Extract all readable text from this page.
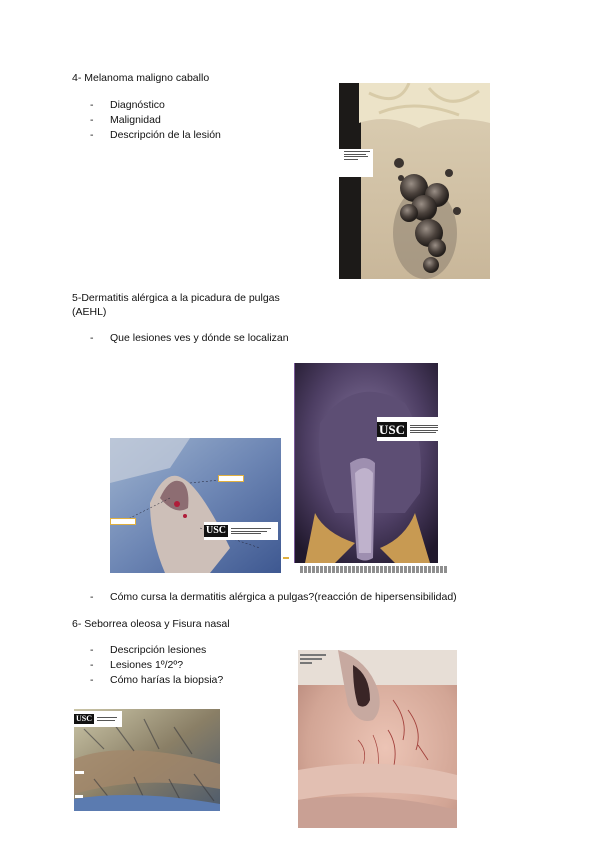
4- Melanoma maligno caballo
- Diagnóstico
- Malignidad
- Descripción de la lesión
5-Dermatitis alérgica a la picadura de pulgas
(AEHL)
- Que lesiones ves y dónde se localizan

USC
USC
- Cómo cursa la dermatitis alérgica a pulgas?(reacción de hipersensibilidad)
6- Seborrea oleosa y Fisura nasal
- Descripción lesiones
- Lesiones 1º/2º?
- Cómo harías la biopsia?
USC
